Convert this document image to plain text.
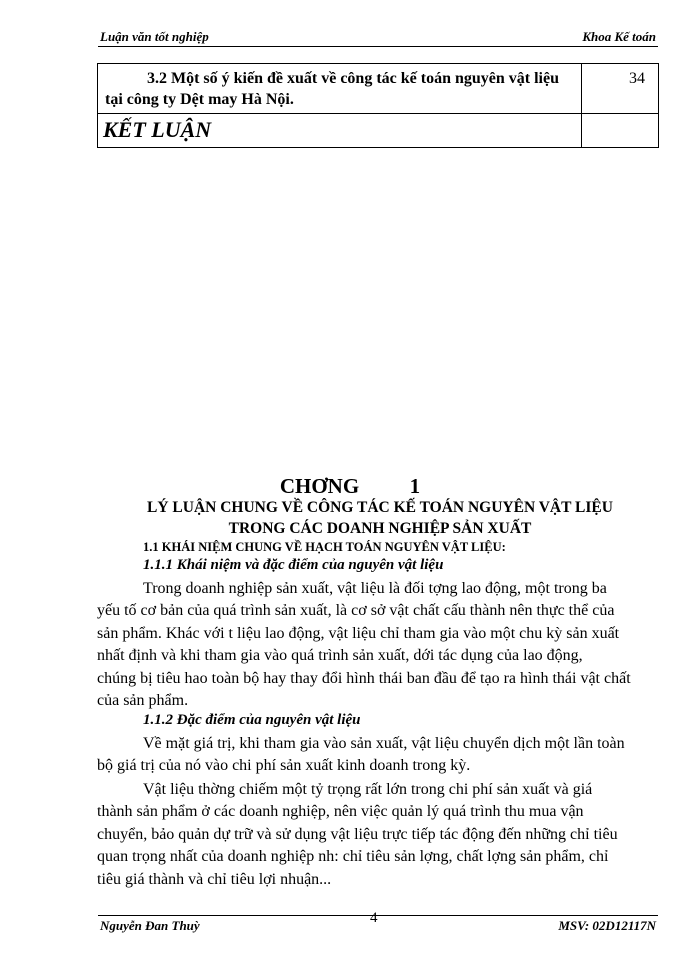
Luận văn tốt nghiệp	Khoa Kế toán
3.2 Một số ý kiến đề xuất về công tác kế toán nguyên vật liệu
tại công ty Dệt may Hà Nội.	34

KẾT LUẬN	

CHƠNG 1
LÝ LUẬN CHUNG VỀ CÔNG TÁC KẾ TOÁN NGUYÊN VẬT LIỆU
TRONG CÁC DOANH NGHIỆP SẢN XUẤT
1.1 KHÁI NIỆM CHUNG VỀ HẠCH TOÁN NGUYÊN VẬT LIỆU:
1.1.1 Khái niệm và đặc điểm của nguyên vật liệu
Trong doanh nghiệp sản xuất, vật liệu là đối tợng lao động, một trong ba
yếu tố cơ bản của quá trình sản xuất, là cơ sở vật chất cấu thành nên thực thể của
sản phẩm. Khác với t liệu lao động, vật liệu chỉ tham gia vào một chu kỳ sản xuất
nhất định và khi tham gia vào quá trình sản xuất, dới tác dụng của lao động,
chúng bị tiêu hao toàn bộ hay thay đổi hình thái ban đầu để tạo ra hình thái vật chất
của sản phẩm.
1.1.2 Đặc điểm của nguyên vật liệu
Về mặt giá trị, khi tham gia vào sản xuất, vật liệu chuyển dịch một lần toàn
bộ giá trị của nó vào chi phí sản xuất kinh doanh trong kỳ.
Vật liệu thờng chiếm một tỷ trọng rất lớn trong chi phí sản xuất và giá
thành sản phẩm ở các doanh nghiệp, nên việc quản lý quá trình thu mua vận
chuyển, bảo quản dự trữ và sử dụng vật liệu trực tiếp tác động đến những chỉ tiêu
quan trọng nhất của doanh nghiệp nh: chỉ tiêu sản lợng, chất lợng sản phẩm, chỉ
tiêu giá thành và chỉ tiêu lợi nhuận...
Nguyễn Đan Thuỳ	4	MSV: 02D12117N
